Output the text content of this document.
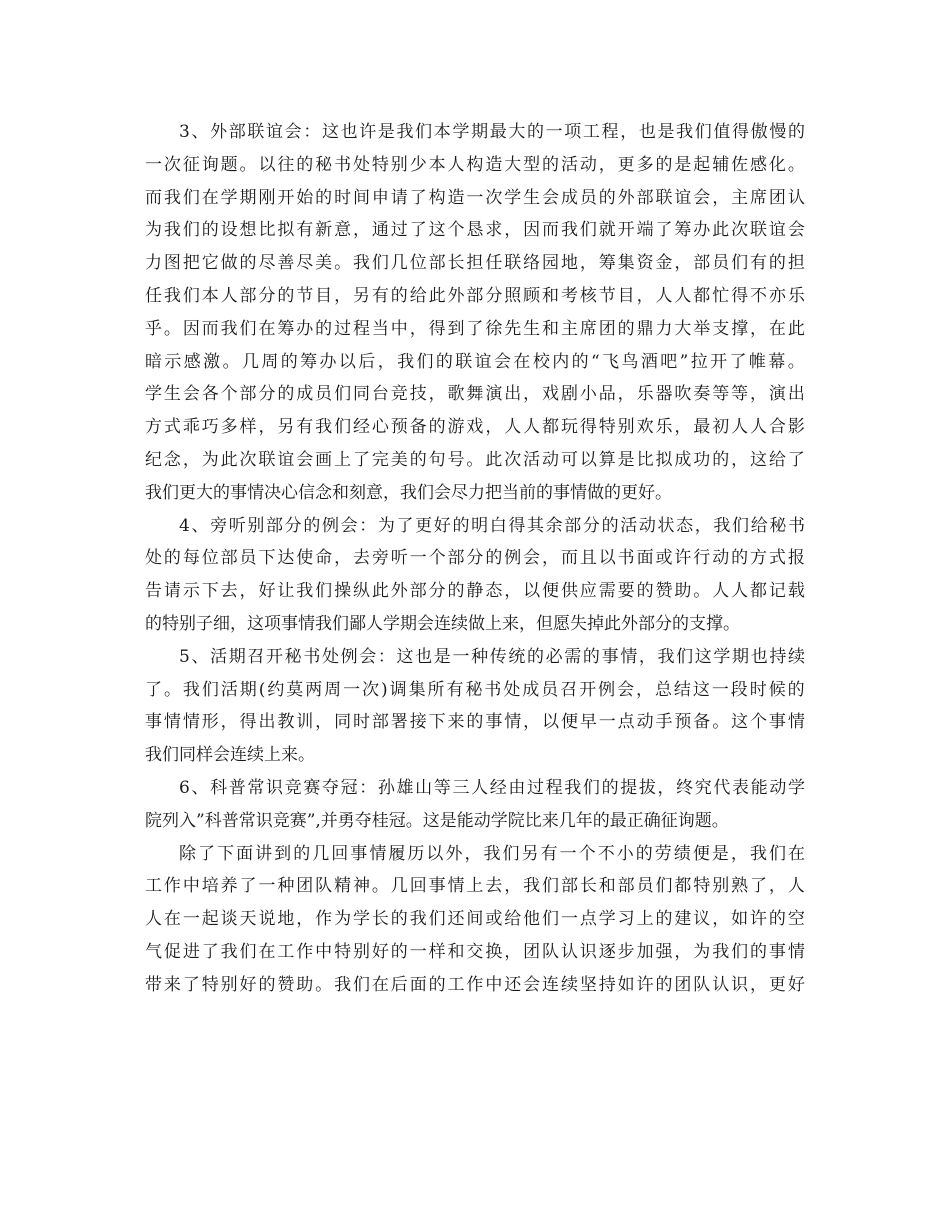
3 、 外 部 联 谊 会 ： 这 也 许 是 我 们 本 学 期 最 大 的 一 项 工 程 ， 也 是 我 们 值 得 傲 慢 的
一 次 征 询 题 。 以 往 的 秘 书 处 特 别 少 本 人 构 造 大 型 的 活 动 ， 更 多 的 是 起 辅 佐 感 化 。
而 我 们 在 学 期 刚 开 始 的 时 间 申 请 了 构 造 一 次 学 生 会 成 员 的 外 部 联 谊 会 ， 主 席 团 认
为 我 们 的 设 想 比 拟 有 新 意 ， 通 过 了 这 个 恳 求 ， 因 而 我 们 就 开 端 了 筹 办 此 次 联 谊 会
力 图 把 它 做 的 尽 善 尽 美 。 我 们 几 位 部 长 担 任 联 络 园 地 ， 筹 集 资 金 ， 部 员 们 有 的 担
任 我 们 本 人 部 分 的 节 目 ， 另 有 的 给 此 外 部 分 照 顾 和 考 核 节 目 ， 人 人 都 忙 得 不 亦 乐
乎 。 因 而 我 们 在 筹 办 的 过 程 当 中 ， 得 到 了 徐 先 生 和 主 席 团 的 鼎 力 大 举 支 撑 ， 在 此
暗 示 感 激 。 几 周 的 筹 办 以 后 ， 我 们 的 联 谊 会 在 校 内 的 “ 飞 鸟 酒 吧 ” 拉 开 了 帷 幕 。
学 生 会 各 个 部 分 的 成 员 们 同 台 竞 技 ， 歌 舞 演 出 ， 戏 剧 小 品 ， 乐 器 吹 奏 等 等 ， 演 出
方 式 乖 巧 多 样 ， 另 有 我 们 经 心 预 备 的 游 戏 ， 人 人 都 玩 得 特 别 欢 乐 ， 最 初 人 人 合 影
纪 念 ， 为 此 次 联 谊 会 画 上 了 完 美 的 句 号 。 此 次 活 动 可 以 算 是 比 拟 成 功 的 ， 这 给 了
我们更大的事情决心信念和刻意，我们会尽力把当前的事情做的更好。
4 、 旁 听 别 部 分 的 例 会 ： 为 了 更 好 的 明 白 得 其 余 部 分 的 活 动 状 态 ， 我 们 给 秘 书
处 的 每 位 部 员 下 达 使 命 ， 去 旁 听 一 个 部 分 的 例 会 ， 而 且 以 书 面 或 许 行 动 的 方 式 报
告 请 示 下 去 ， 好 让 我 们 操 纵 此 外 部 分 的 静 态 ， 以 便 供 应 需 要 的 赞 助 。 人 人 都 记 载
的特别子细，这项事情我们鄙人学期会连续做上来，但愿失掉此外部分的支撑。
5 、 活 期 召 开 秘 书 处 例 会 ： 这 也 是 一 种 传 统 的 必 需 的 事 情 ， 我 们 这 学 期 也 持 续
了 。 我 们 活 期 ( 约 莫 两 周 一 次 ) 调 集 所 有 秘 书 处 成 员 召 开 例 会 ， 总 结 这 一 段 时 候 的
事 情 情 形 ， 得 出 教 训 ， 同 时 部 署 接 下 来 的 事 情 ， 以 便 早 一 点 动 手 预 备 。 这 个 事 情
我们同样会连续上来。
6 、 科 普 常 识 竞 赛 夺 冠 ： 孙 雄 山 等 三 人 经 由 过 程 我 们 的 提 拔 ， 终 究 代 表 能 动 学
院列入”科普常识竞赛”,并勇夺桂冠。这是能动学院比来几年的最正确征询题。
除 了 下 面 讲 到 的 几 回 事 情 履 历 以 外 ， 我 们 另 有 一 个 不 小 的 劳 绩 便 是 ， 我 们 在
工 作 中 培 养 了 一 种 团 队 精 神 。 几 回 事 情 上 去 ， 我 们 部 长 和 部 员 们 都 特 别 熟 了 ， 人
人 在 一 起 谈 天 说 地 ， 作 为 学 长 的 我 们 还 间 或 给 他 们 一 点 学 习 上 的 建 议 ， 如 许 的 空
气 促 进 了 我 们 在 工 作 中 特 别 好 的 一 样 和 交 换 ， 团 队 认 识 逐 步 加 强 ， 为 我 们 的 事 情
带 来 了 特 别 好 的 赞 助 。 我 们 在 后 面 的 工 作 中 还 会 连 续 坚 持 如 许 的 团 队 认 识 ， 更 好
